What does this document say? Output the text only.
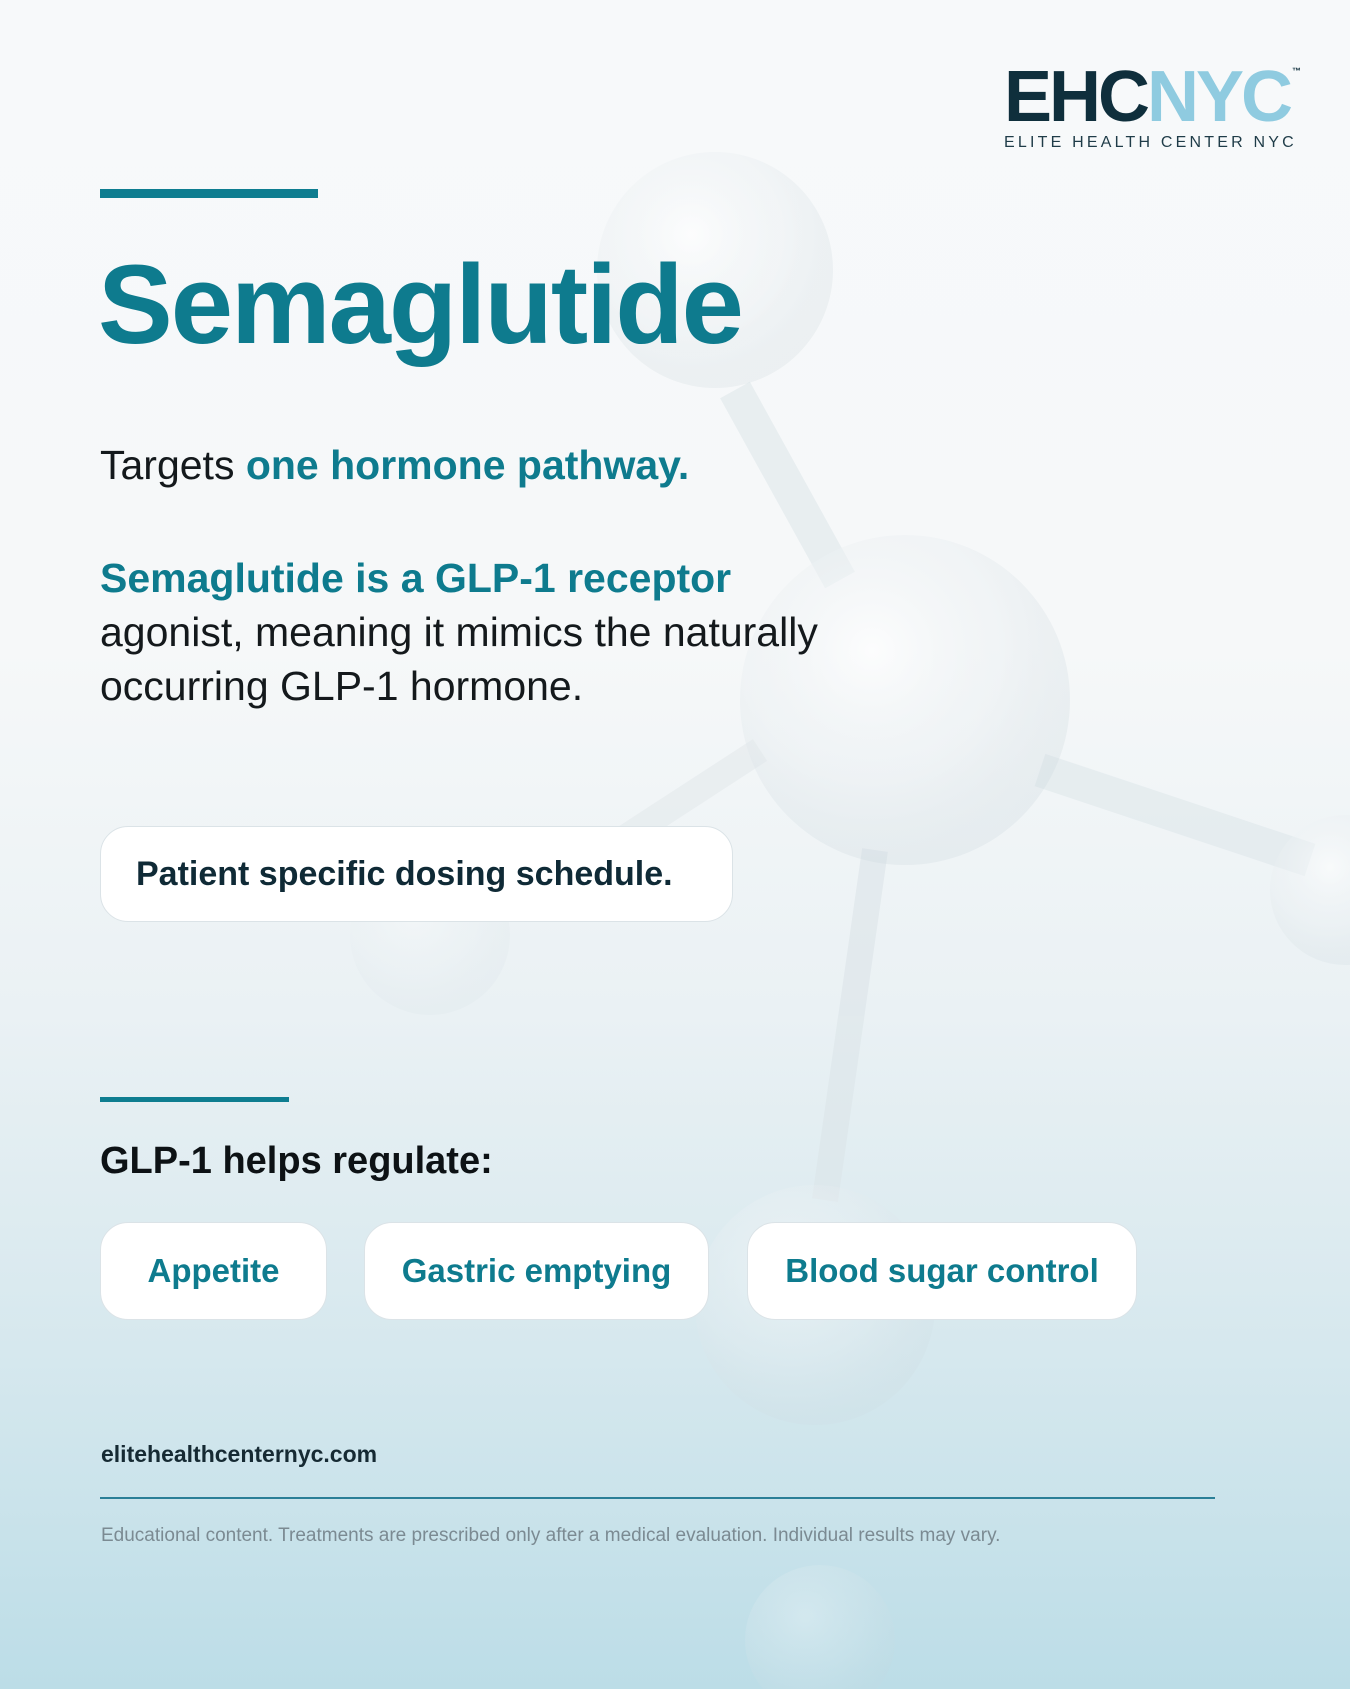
EHCNYC ™
ELITE HEALTH CENTER NYC
Semaglutide

Targets one hormone pathway.

Semaglutide is a GLP-1 receptor agonist, meaning it mimics the naturally occurring GLP-1 hormone.

Patient specific dosing schedule.
GLP-1 helps regulate:
Appetite	Gastric emptying	Blood sugar control

elitehealthcenternyc.com

Educational content. Treatments are prescribed only after a medical evaluation. Individual results may vary.
